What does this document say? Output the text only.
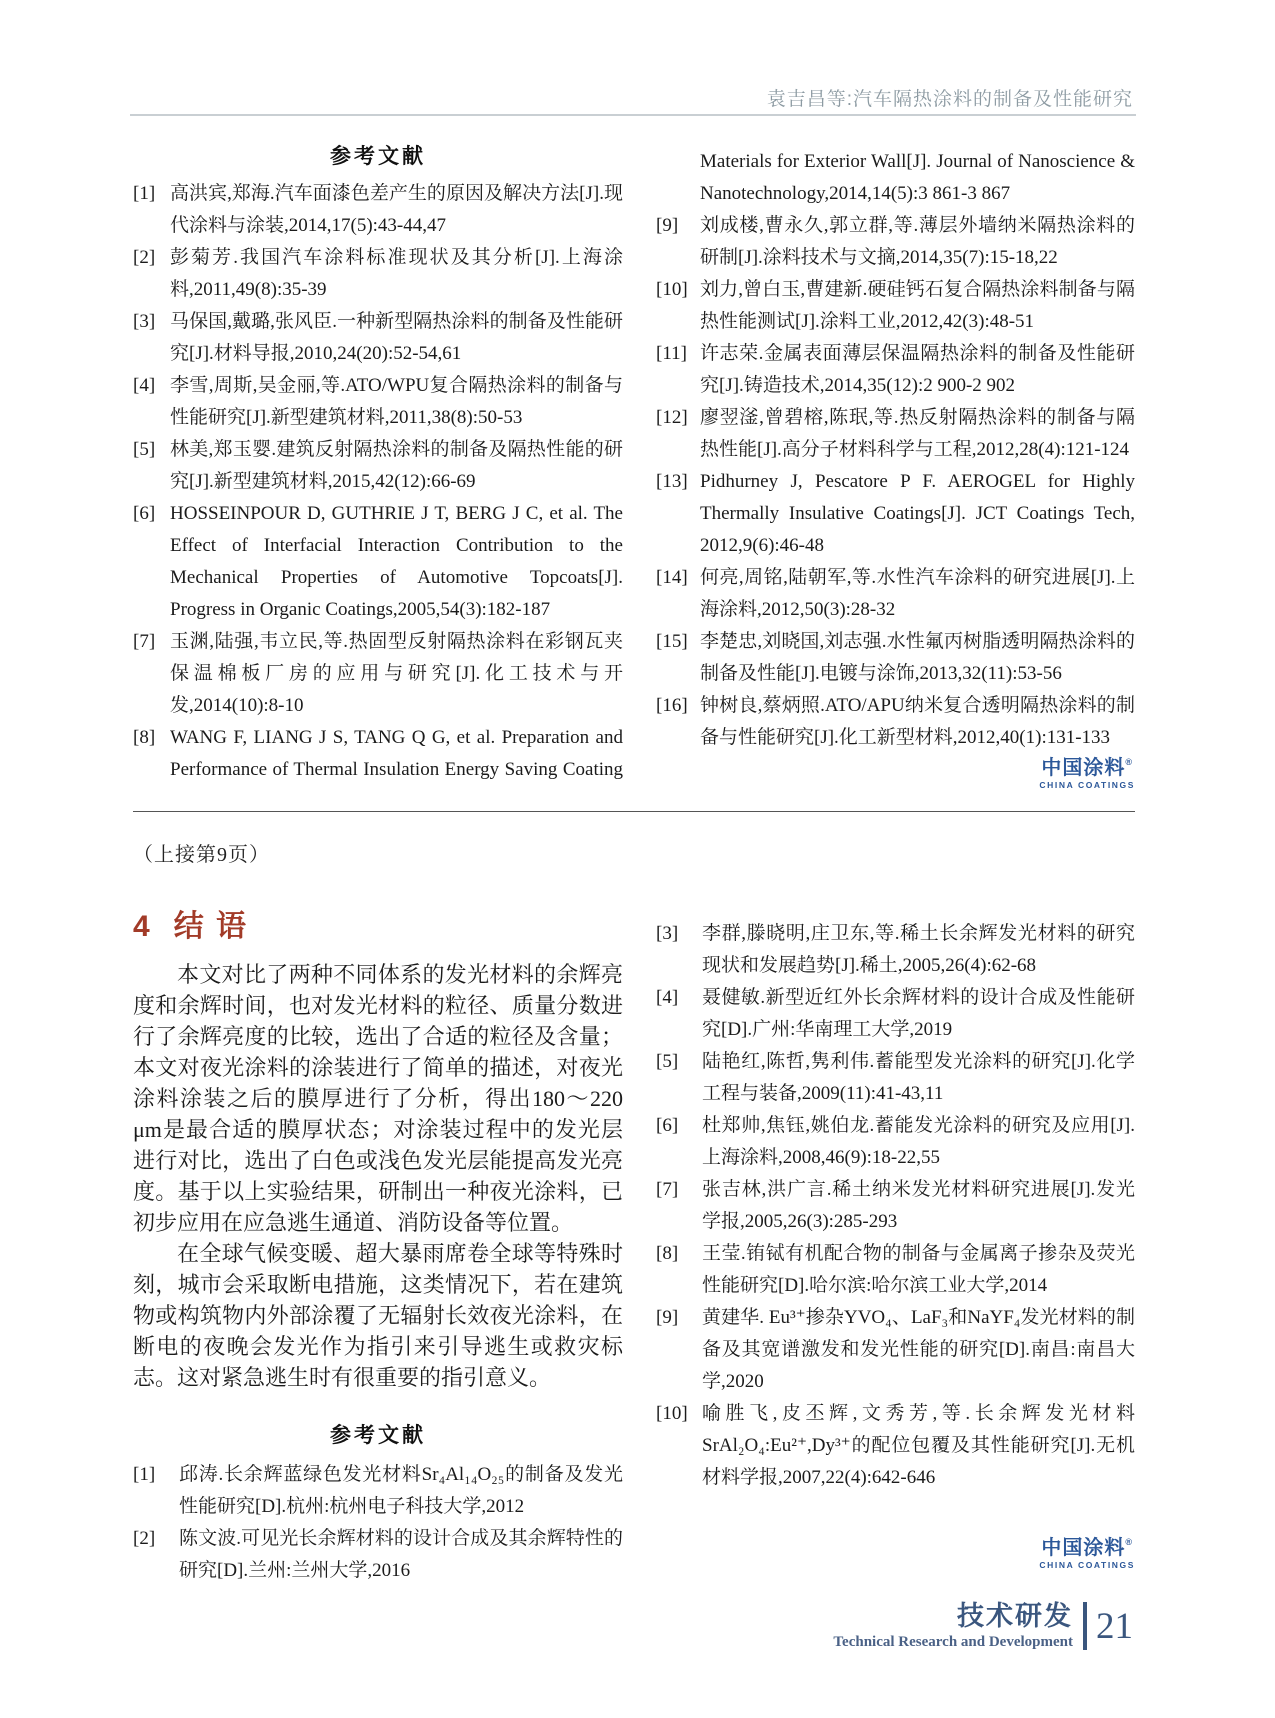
袁吉昌等:汽车隔热涂料的制备及性能研究
参考文献
[1] 高洪宾,郑海.汽车面漆色差产生的原因及解决方法[J].现代涂料与涂装,2014,17(5):43-44,47
[2] 彭菊芳.我国汽车涂料标准现状及其分析[J].上海涂料,2011,49(8):35-39
[3] 马保国,戴璐,张风臣.一种新型隔热涂料的制备及性能研究[J].材料导报,2010,24(20):52-54,61
[4] 李雪,周斯,吴金丽,等.ATO/WPU复合隔热涂料的制备与性能研究[J].新型建筑材料,2011,38(8):50-53
[5] 林美,郑玉婴.建筑反射隔热涂料的制备及隔热性能的研究[J].新型建筑材料,2015,42(12):66-69
[6] HOSSEINPOUR D, GUTHRIE J T, BERG J C, et al. The Effect of Interfacial Interaction Contribution to the Mechanical Properties of Automotive Topcoats[J]. Progress in Organic Coatings,2005,54(3):182-187
[7] 玉渊,陆强,韦立民,等.热固型反射隔热涂料在彩钢瓦夹保温棉板厂房的应用与研究[J].化工技术与开发,2014(10):8-10
[8] WANG F, LIANG J S, TANG Q G, et al. Preparation and Performance of Thermal Insulation Energy Saving Coating
Materials for Exterior Wall[J]. Journal of Nanoscience & Nanotechnology,2014,14(5):3 861-3 867
[9] 刘成楼,曹永久,郭立群,等.薄层外墙纳米隔热涂料的研制[J].涂料技术与文摘,2014,35(7):15-18,22
[10] 刘力,曾白玉,曹建新.硬硅钙石复合隔热涂料制备与隔热性能测试[J].涂料工业,2012,42(3):48-51
[11] 许志荣.金属表面薄层保温隔热涂料的制备及性能研究[J].铸造技术,2014,35(12):2 900-2 902
[12] 廖翌滏,曾碧榕,陈珉,等.热反射隔热涂料的制备与隔热性能[J].高分子材料科学与工程,2012,28(4):121-124
[13] Pidhurney J, Pescatore P F. AEROGEL for Highly Thermally Insulative Coatings[J]. JCT Coatings Tech, 2012,9(6):46-48
[14] 何亮,周铭,陆朝军,等.水性汽车涂料的研究进展[J].上海涂料,2012,50(3):28-32
[15] 李楚忠,刘晓国,刘志强.水性氟丙树脂透明隔热涂料的制备及性能[J].电镀与涂饰,2013,32(11):53-56
[16] 钟树良,蔡炳照.ATO/APU纳米复合透明隔热涂料的制备与性能研究[J].化工新型材料,2012,40(1):131-133
中国涂料®
CHINA COATINGS
（上接第9页）
4 结 语

本文对比了两种不同体系的发光材料的余辉亮度和余辉时间，也对发光材料的粒径、质量分数进行了余辉亮度的比较，选出了合适的粒径及含量；本文对夜光涂料的涂装进行了简单的描述，对夜光涂料涂装之后的膜厚进行了分析，得出180～220 μm是最合适的膜厚状态；对涂装过程中的发光层进行对比，选出了白色或浅色发光层能提高发光亮度。基于以上实验结果，研制出一种夜光涂料，已初步应用在应急逃生通道、消防设备等位置。

在全球气候变暖、超大暴雨席卷全球等特殊时刻，城市会采取断电措施，这类情况下，若在建筑物或构筑物内外部涂覆了无辐射长效夜光涂料，在断电的夜晚会发光作为指引来引导逃生或救灾标志。这对紧急逃生时有很重要的指引意义。

参考文献
[1] 邱涛.长余辉蓝绿色发光材料Sr₄Al₁₄O₂₅的制备及发光性能研究[D].杭州:杭州电子科技大学,2012
[2] 陈文波.可见光长余辉材料的设计合成及其余辉特性的研究[D].兰州:兰州大学,2016
[3] 李群,滕晓明,庄卫东,等.稀土长余辉发光材料的研究现状和发展趋势[J].稀土,2005,26(4):62-68
[4] 聂健敏.新型近红外长余辉材料的设计合成及性能研究[D].广州:华南理工大学,2019
[5] 陆艳红,陈哲,隽利伟.蓄能型发光涂料的研究[J].化学工程与装备,2009(11):41-43,11
[6] 杜郑帅,焦钰,姚伯龙.蓄能发光涂料的研究及应用[J].上海涂料,2008,46(9):18-22,55
[7] 张吉林,洪广言.稀土纳米发光材料研究进展[J].发光学报,2005,26(3):285-293
[8] 王莹.铕铽有机配合物的制备与金属离子掺杂及荧光性能研究[D].哈尔滨:哈尔滨工业大学,2014
[9] 黄建华. Eu³⁺掺杂YVO₄、LaF₃和NaYF₄发光材料的制备及其宽谱激发和发光性能的研究[D].南昌:南昌大学,2020
[10] 喻胜飞,皮丕辉,文秀芳,等.长余辉发光材料SrAl₂O₄:Eu²⁺,Dy³⁺的配位包覆及其性能研究[J].无机材料学报,2007,22(4):642-646
中国涂料®
CHINA COATINGS
技术研发
Technical Research and Development 21
